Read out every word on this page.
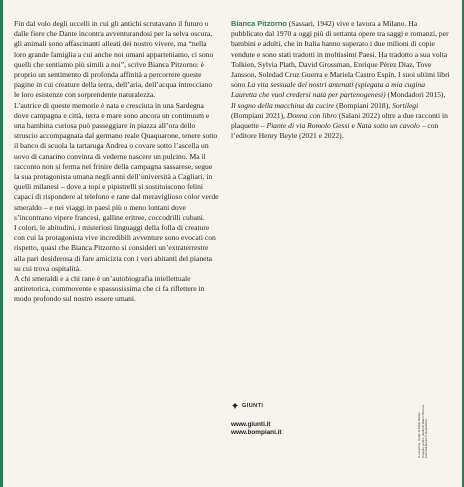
Fin dal volo degli uccelli in cui gli antichi scrutavano il futuro o dalle fiere che Dante incontra avventurandosi per la selva oscura, gli animali sono affascinanti alleati dei nostro vivere, ma “nella loro grande famiglia a cui anche noi umani apparteniamo, ci sono quelli che sentiamo più simili a noi”, scrive Bianca Pitzorno: è proprio un sentimento di profonda affinità a percorrere queste pagine in cui creature della terra, dell’aria, dell’acqua intrecciano le loro esistenze con sorprendente naturalezza.

L’autrice di queste memorie è nata e cresciuta in una Sardegna dove campagna e città, terra e mare sono ancora un continuum e una bambina curiosa può passeggiare in piazza all’ora dello struscio accompagnata dal germano reale Quaquarone, tenere sotto il banco di scuola la tartaruga Andrea o covare sotto l’ascella un uovo di canarino convinta di vederne nascere un pulcino. Ma il racconto non si ferma nel frinire della campagna sassarese, segue la sua protagonista umana negli anni dell’università a Cagliari, in quelli milanesi – dove a topi e pipistrelli si sostituiscono felini capaci di rispondere al telefono e rane dal meraviglioso color verde smeraldo – e nei viaggi in paesi più o meno lontani dove s’incontrano vipere francesi, galline eritree, coccodrilli cubani.

I colori, le abitudini, i misteriosi linguaggi della folla di creature con cui la protagonista vive incredibili avventure sono evocati con rispetto, quasi che Bianca Pitzorno si consideri un’extraterrestre alla pari desiderosa di fare amicizia con i veri abitanti del pianeta su cui trova ospitalità.

A chi smeraldi e a chi rane è un’autobiografia intellettuale antiretorica, commovente e spassosissima che ci fa riflettere in modo profondo sul nostro essere umani.

Bianca Pitzorno (Sassari, 1942) vive e lavora a Milano. Ha pubblicato dal 1970 a oggi più di settanta opere tra saggi e romanzi, per bambini e adulti, che in Italia hanno superato i due milioni di copie vendute e sono stati tradotti in moltissimi Paesi. Ha tradotto a sua volta Tolkien, Sylvia Plath, David Grossman, Enrique Pérez Díaz, Tove Jansson, Soledad Cruz Guerra e Mariela Castro Espín. I suoi ultimi libri sono La vita sessuale dei nostri antenati (spiegata a mia cugina Lauretta che vuol credersi nata per partenogenesi) (Mondadori 2015), Il sogno della macchina da cucire (Bompiani 2018), Sortilegi (Bompiani 2021), Donna con libro (Salani 2022) oltre a due racconti in plaquette – Piante di via Romolo Gessi e Nata sotto un cavolo – con l’editore Henry Beyle (2021 e 2022).

GIUNTI
www.giunti.it
www.bompiani.it	In copertina: ritratto di Pablo Mattos. Progetto grafico: studio di Mauro Pitzorno. Foto dell’autrice © Repubblica
